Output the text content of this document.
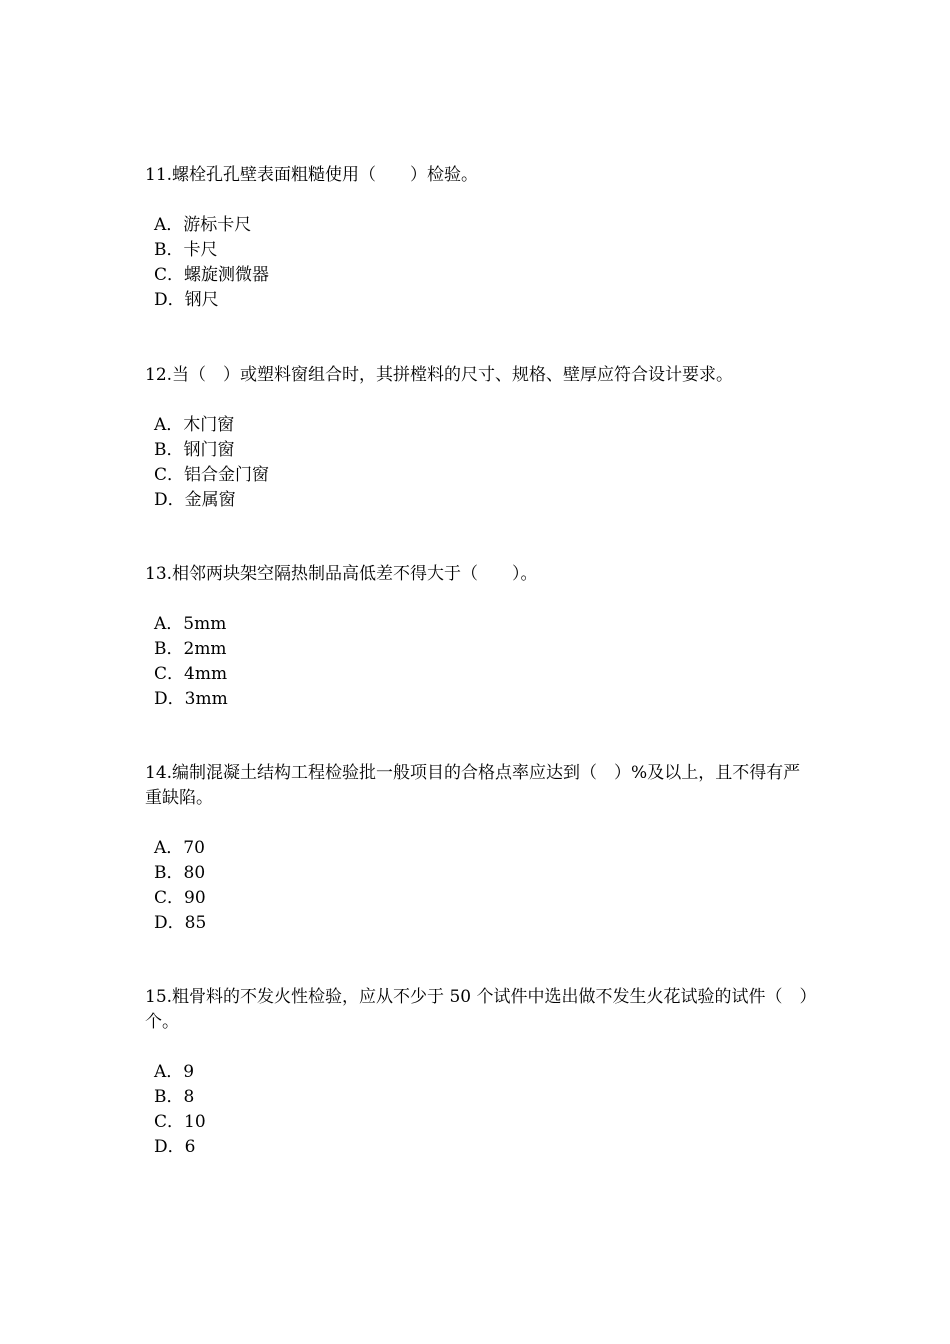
11.螺栓孔孔壁表面粗糙使用（　　）检验。

A．游标卡尺
B．卡尺
C．螺旋测微器
D．钢尺

12.当（　）或塑料窗组合时，其拼樘料的尺寸、规格、壁厚应符合设计要求。

A．木门窗
B．钢门窗
C．铝合金门窗
D．金属窗

13.相邻两块架空隔热制品高低差不得大于（　　）。

A．5mm
B．2mm
C．4mm
D．3mm

14.编制混凝土结构工程检验批一般项目的合格点率应达到（　）%及以上，且不得有严重缺陷。

A．70
B．80
C．90
D．85

15.粗骨料的不发火性检验，应从不少于 50 个试件中选出做不发生火花试验的试件（　）个。

A．9
B．8
C．10
D．6
